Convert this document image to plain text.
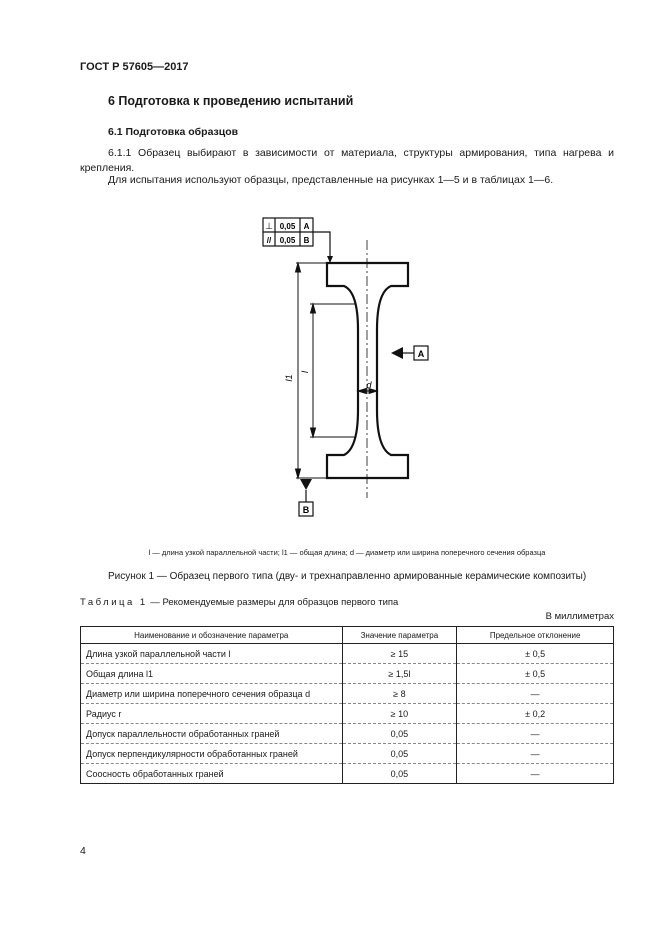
ГОСТ Р 57605—2017
6 Подготовка к проведению испытаний
6.1 Подготовка образцов
6.1.1 Образец выбирают в зависимости от материала, структуры армирования, типа нагрева и крепления.
Для испытания используют образцы, представленные на рисунках 1—5 и в таблицах 1—6.
⊥ 0,05 A
// 0,05 B
l1
l
d
A
B
l — длина узкой параллельной части; l1 — общая длина; d — диаметр или ширина поперечного сечения образца
Рисунок 1 — Образец первого типа (дву- и трехнаправленно армированные керамические композиты)
Таблица 1 — Рекомендуемые размеры для образцов первого типа
В миллиметрах
Наименование и обозначение параметра	Значение параметра	Предельное отклонение
Длина узкой параллельной части l	≥ 15	± 0,5
Общая длина l1	≥ 1,5l	± 0,5
Диаметр или ширина поперечного сечения образца d	≥ 8	—
Радиус r	≥ 10	± 0,2
Допуск параллельности обработанных граней	0,05	—
Допуск перпендикулярности обработанных граней	0,05	—
Соосность обработанных граней	0,05	—
4
